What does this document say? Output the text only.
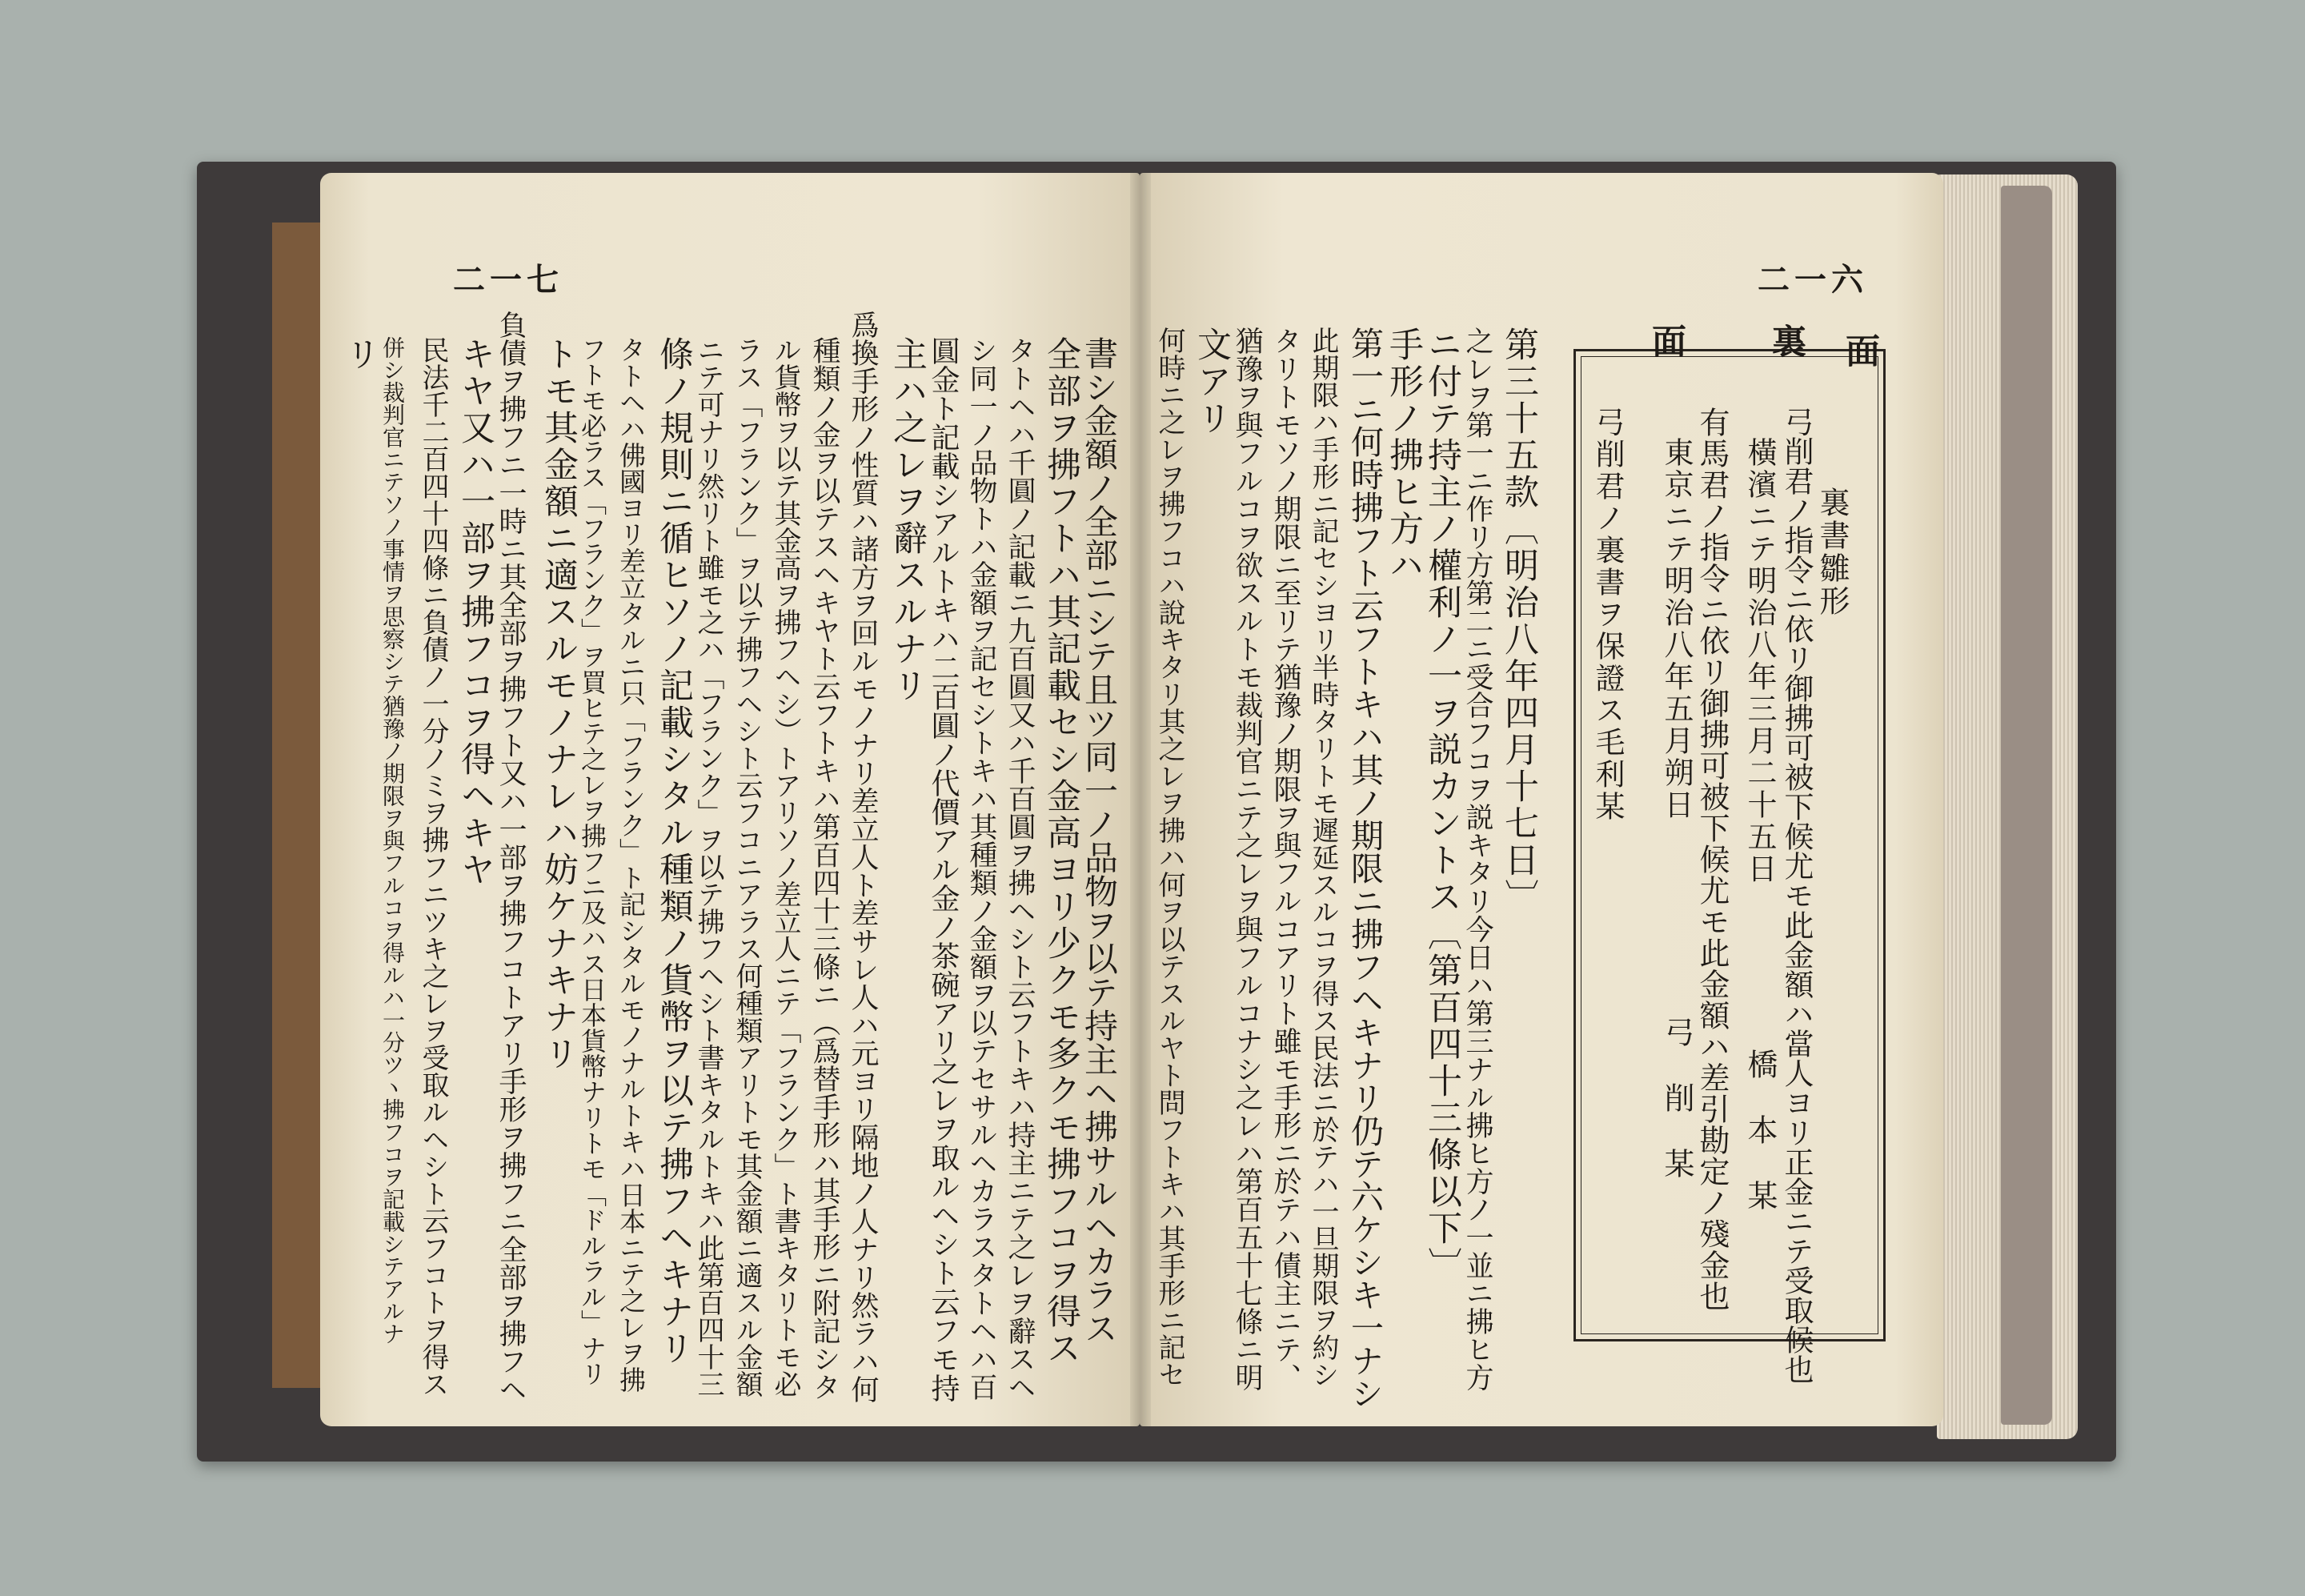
二一七
書シ金額ノ全部ニシテ且ツ同一ノ品物ヲ以テ持主ヘ拂サルヘカラス
全部ヲ拂フトハ其記載セシ金高ヨリ少クモ多クモ拂フコヲ得ス
タトヘハ千圓ノ記載ニ九百圓又ハ千百圓ヲ拂ヘシト云フトキハ持主ニテ之レヲ辭スヘ
シ同一ノ品物トハ金額ヲ記セシトキハ其種類ノ金額ヲ以テセサルヘカラスタトヘハ百
圓金ト記載シアルトキハ二百圓ノ代價アル金ノ茶碗アリ之レヲ取ルヘシト云フモ持
主ハ之レヲ辭スルナリ
爲換手形ノ性質ハ諸方ヲ回ルモノナリ差立人ト差サレ人ハ元ヨリ隔地ノ人ナリ然ラハ何
種類ノ金ヲ以テスヘキヤト云フトキハ第百四十三條ニ（爲替手形ハ其手形ニ附記シタ
ル貨幣ヲ以テ其金高ヲ拂フヘシ）トアリソノ差立人ニテ「フランク」ト書キタリトモ必
ラス「フランク」ヲ以テ拂フヘシト云フコニアラス何種類アリトモ其金額ニ適スル金額
ニテ可ナリ然リト雖モ之ハ「フランク」ヲ以テ拂フヘシト書キタルトキハ此第百四十三
條ノ規則ニ循ヒソノ記載シタル種類ノ貨幣ヲ以テ拂フヘキナリ
タトヘハ佛國ヨリ差立タルニ只「フランク」ト記シタルモノナルトキハ日本ニテ之レヲ拂
フトモ必ラス「フランク」ヲ買ヒテ之レヲ拂フニ及ハス日本貨幣ナリトモ「ドルラル」ナリ
トモ其金額ニ適スルモノナレハ妨ケナキナリ
負債ヲ拂フニ一時ニ其全部ヲ拂フト又ハ一部ヲ拂フコトアリ手形ヲ拂フニ全部ヲ拂フヘ
キヤ又ハ一部ヲ拂フコヲ得ヘキヤ
民法千二百四十四條ニ負債ノ一分ノミヲ拂フニツキ之レヲ受取ルヘシト云フコトヲ得ス
併シ裁判官ニテソノ事情ヲ思察シテ猶豫ノ期限ヲ與フルコヲ得ルハ一分ツヽ拂フコヲ記載シテアルナ
リ
二一六
面
裏
面
裏書雛形
弓削君ノ指令ニ依リ御拂可被下候尤モ此金額ハ當人ヨリ正金ニテ受取候也
橫濱ニテ明治八年三月二十五日
橋　本　某
有馬君ノ指令ニ依リ御拂可被下候尤モ此金額ハ差引勘定ノ殘金也
東京ニテ明治八年五月朔日
弓　削　某
弓削君ノ裏書ヲ保證ス毛利某
第三十五款〔明治八年四月十七日〕
之レヲ第一ニ作リ方第二ニ受合フコヲ説キタリ今日ハ第三ナル拂ヒ方ノ一並ニ拂ヒ方
ニ付テ持主ノ權利ノ一ヲ説カントス〔第百四十三條以下〕
手形ノ拂ヒ方ハ
第一ニ何時拂フト云フトキハ其ノ期限ニ拂フヘキナリ仍テ六ケシキ一ナシ
此期限ハ手形ニ記セシヨリ半時タリトモ遲延スルコヲ得ス民法ニ於テハ一旦期限ヲ約シ
タリトモソノ期限ニ至リテ猶豫ノ期限ヲ與フルコアリト雖モ手形ニ於テハ債主ニテ、
猶豫ヲ與フルコヲ欲スルトモ裁判官ニテ之レヲ與フルコナシ之レハ第百五十七條ニ明
文アリ
何時ニ之レヲ拂フコハ說キタリ其之レヲ拂ハ何ヲ以テスルヤト問フトキハ其手形ニ記セ
